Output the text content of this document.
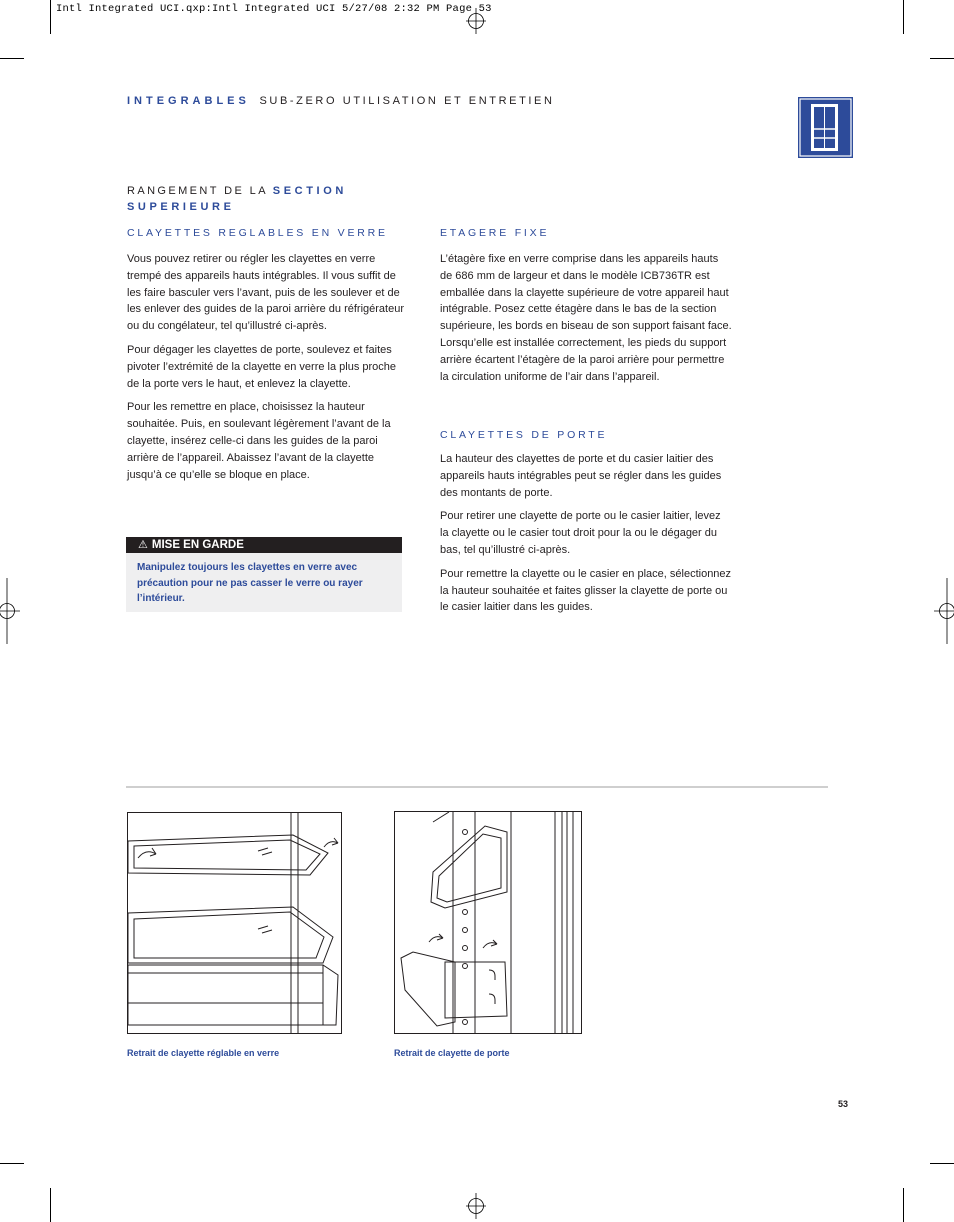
Intl Integrated UCI.qxp:Intl Integrated UCI 5/27/08 2:32 PM Page 53
INTEGRABLES SUB-ZERO UTILISATION ET ENTRETIEN
RANGEMENT DE LA SECTION SUPERIEURE
CLAYETTES REGLABLES EN VERRE

Vous pouvez retirer ou régler les clayettes en verre trempé des appareils hauts intégrables. Il vous suffit de les faire basculer vers l’avant, puis de les soulever et de les enlever des guides de la paroi arrière du réfrigérateur ou du congélateur, tel qu’illustré ci-après.

Pour dégager les clayettes de porte, soulevez et faites pivoter l’extrémité de la clayette en verre la plus proche de la porte vers le haut, et enlevez la clayette.

Pour les remettre en place, choisissez la hauteur souhaitée. Puis, en soulevant légèrement l’avant de la clayette, insérez celle-ci dans les guides de la paroi arrière de l’appareil. Abaissez l’avant de la clayette jusqu’à ce qu’elle se bloque en place.

⚠ MISE EN GARDE
Manipulez toujours les clayettes en verre avec précaution pour ne pas casser le verre ou rayer l’intérieur.
ETAGERE FIXE

L’étagère fixe en verre comprise dans les appareils hauts de 686 mm de largeur et dans le modèle ICB736TR est emballée dans la clayette supérieure de votre appareil haut intégrable. Posez cette étagère dans le bas de la section supérieure, les bords en biseau de son support faisant face. Lorsqu’elle est installée correctement, les pieds du support arrière écartent l’étagère de la paroi arrière pour permettre la circulation uniforme de l’air dans l’appareil.

CLAYETTES DE PORTE

La hauteur des clayettes de porte et du casier laitier des appareils hauts intégrables peut se régler dans les guides des montants de porte.

Pour retirer une clayette de porte ou le casier laitier, levez la clayette ou le casier tout droit pour la ou le dégager du bas, tel qu’illustré ci-après.

Pour remettre la clayette ou le casier en place, sélectionnez la hauteur souhaitée et faites glisser la clayette de porte ou le casier laitier dans les guides.

Retrait de clayette réglable en verre	Retrait de clayette de porte
53
